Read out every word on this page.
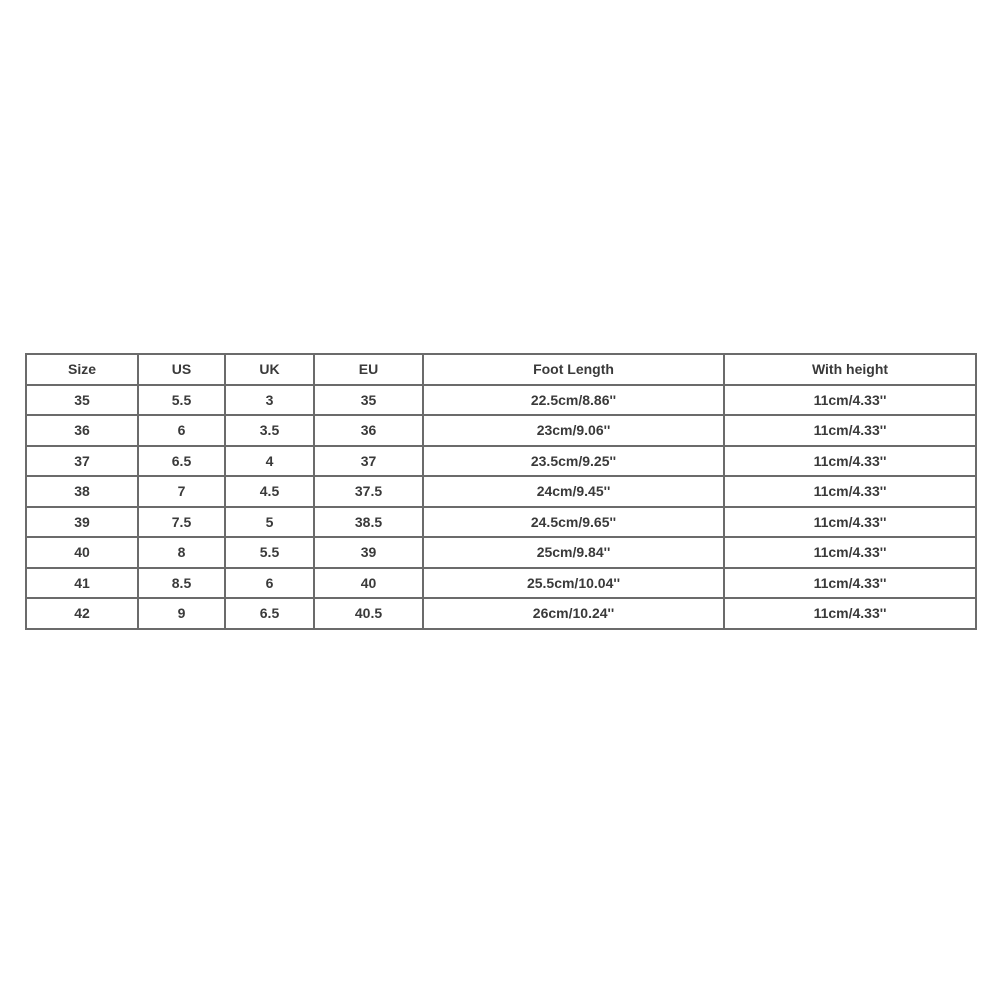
Size	US	UK	EU	Foot Length	With height
35	5.5	3	35	22.5cm/8.86''	11cm/4.33''
36	6	3.5	36	23cm/9.06''	11cm/4.33''
37	6.5	4	37	23.5cm/9.25''	11cm/4.33''
38	7	4.5	37.5	24cm/9.45''	11cm/4.33''
39	7.5	5	38.5	24.5cm/9.65''	11cm/4.33''
40	8	5.5	39	25cm/9.84''	11cm/4.33''
41	8.5	6	40	25.5cm/10.04''	11cm/4.33''
42	9	6.5	40.5	26cm/10.24''	11cm/4.33''
